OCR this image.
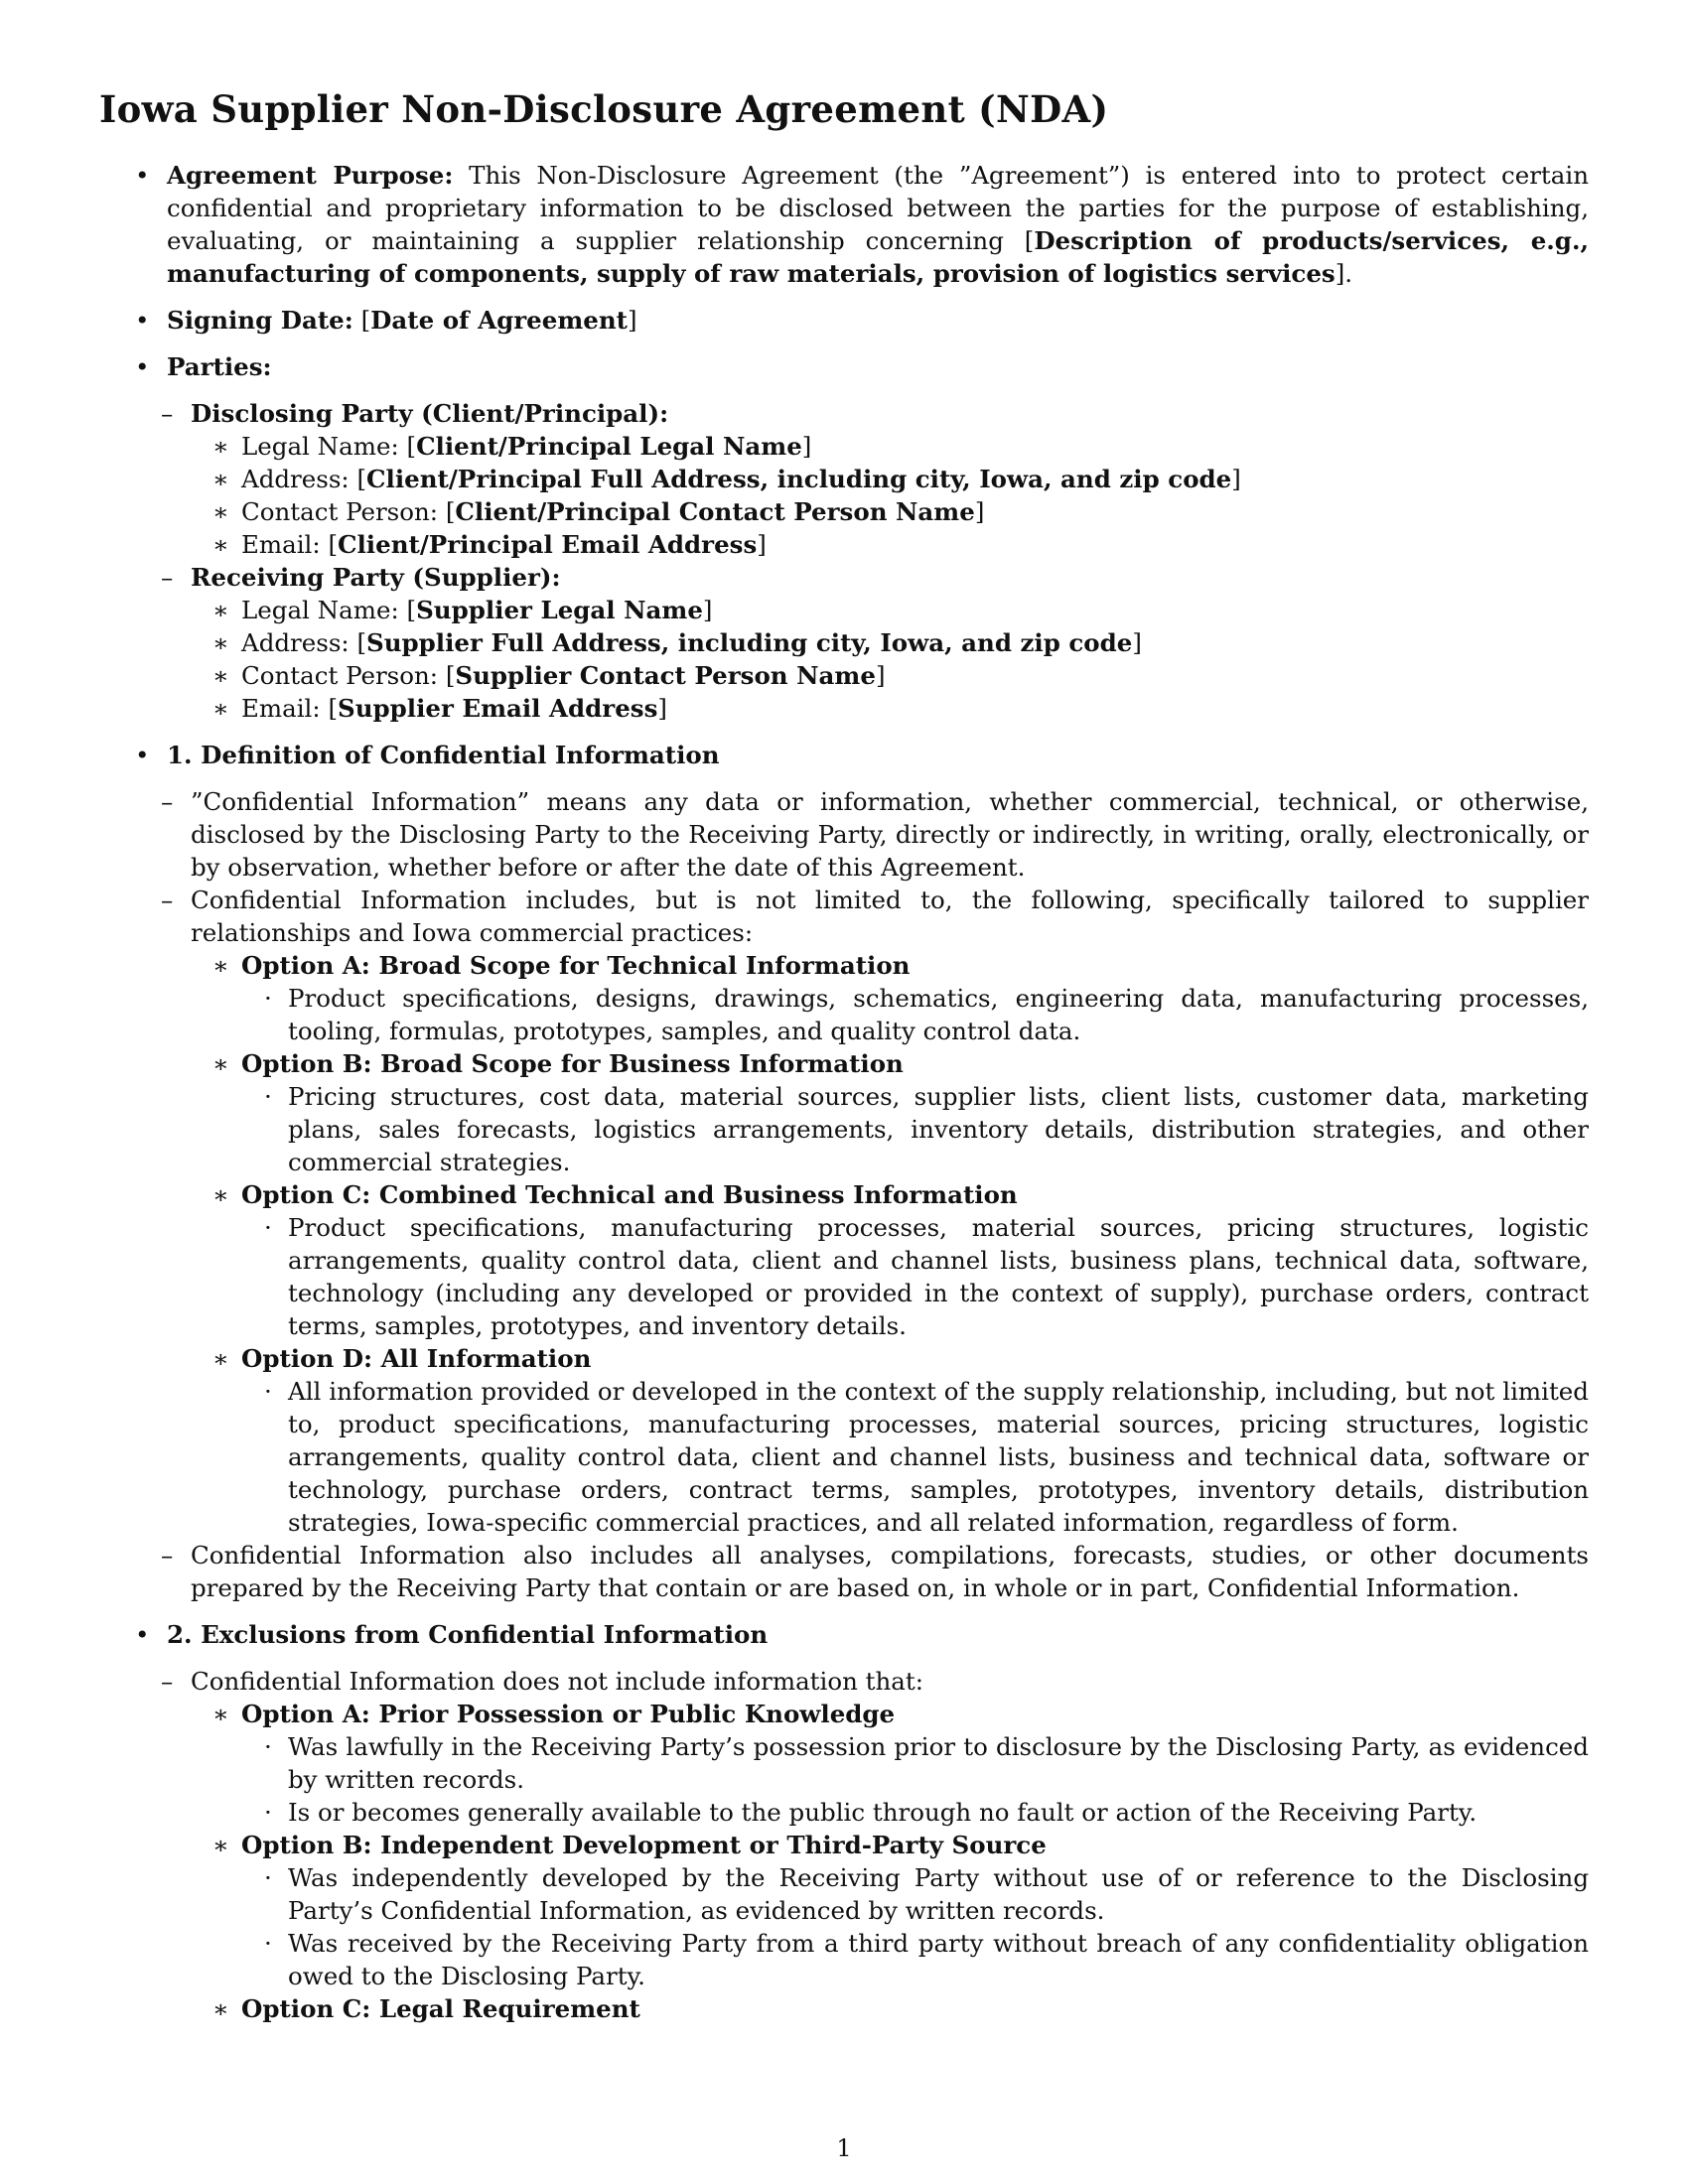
Iowa Supplier Non-Disclosure Agreement (NDA)
• Agreement Purpose: This Non-Disclosure Agreement (the ”Agreement”) is entered into to protect certain confidential and proprietary information to be disclosed between the parties for the purpose of establishing, evaluating, or maintaining a supplier relationship concerning [Description of products/services, e.g., manufacturing of components, supply of raw materials, provision of logistics services].
• Signing Date: [Date of Agreement]
• Parties:
– Disclosing Party (Client/Principal):
∗ Legal Name: [Client/Principal Legal Name]
∗ Address: [Client/Principal Full Address, including city, Iowa, and zip code]
∗ Contact Person: [Client/Principal Contact Person Name]
∗ Email: [Client/Principal Email Address]
– Receiving Party (Supplier):
∗ Legal Name: [Supplier Legal Name]
∗ Address: [Supplier Full Address, including city, Iowa, and zip code]
∗ Contact Person: [Supplier Contact Person Name]
∗ Email: [Supplier Email Address]
• 1. Definition of Confidential Information
– ”Confidential Information” means any data or information, whether commercial, technical, or otherwise, disclosed by the Disclosing Party to the Receiving Party, directly or indirectly, in writing, orally, electronically, or by observation, whether before or after the date of this Agreement.
– Confidential Information includes, but is not limited to, the following, specifically tailored to supplier relationships and Iowa commercial practices:
∗ Option A: Broad Scope for Technical Information
· Product specifications, designs, drawings, schematics, engineering data, manufacturing processes, tooling, formulas, prototypes, samples, and quality control data.
∗ Option B: Broad Scope for Business Information
· Pricing structures, cost data, material sources, supplier lists, client lists, customer data, marketing plans, sales forecasts, logistics arrangements, inventory details, distribution strategies, and other commercial strategies.
∗ Option C: Combined Technical and Business Information
· Product specifications, manufacturing processes, material sources, pricing structures, logistic arrangements, quality control data, client and channel lists, business plans, technical data, software, technology (including any developed or provided in the context of supply), purchase orders, contract terms, samples, prototypes, and inventory details.
∗ Option D: All Information
· All information provided or developed in the context of the supply relationship, including, but not limited to, product specifications, manufacturing processes, material sources, pricing structures, logistic arrangements, quality control data, client and channel lists, business and technical data, software or technology, purchase orders, contract terms, samples, prototypes, inventory details, distribution strategies, Iowa-specific commercial practices, and all related information, regardless of form.
– Confidential Information also includes all analyses, compilations, forecasts, studies, or other documents prepared by the Receiving Party that contain or are based on, in whole or in part, Confidential Information.
• 2. Exclusions from Confidential Information
– Confidential Information does not include information that:
∗ Option A: Prior Possession or Public Knowledge
· Was lawfully in the Receiving Party’s possession prior to disclosure by the Disclosing Party, as evidenced by written records.
· Is or becomes generally available to the public through no fault or action of the Receiving Party.
∗ Option B: Independent Development or Third-Party Source
· Was independently developed by the Receiving Party without use of or reference to the Disclosing Party’s Confidential Information, as evidenced by written records.
· Was received by the Receiving Party from a third party without breach of any confidentiality obligation owed to the Disclosing Party.
∗ Option C: Legal Requirement
1
